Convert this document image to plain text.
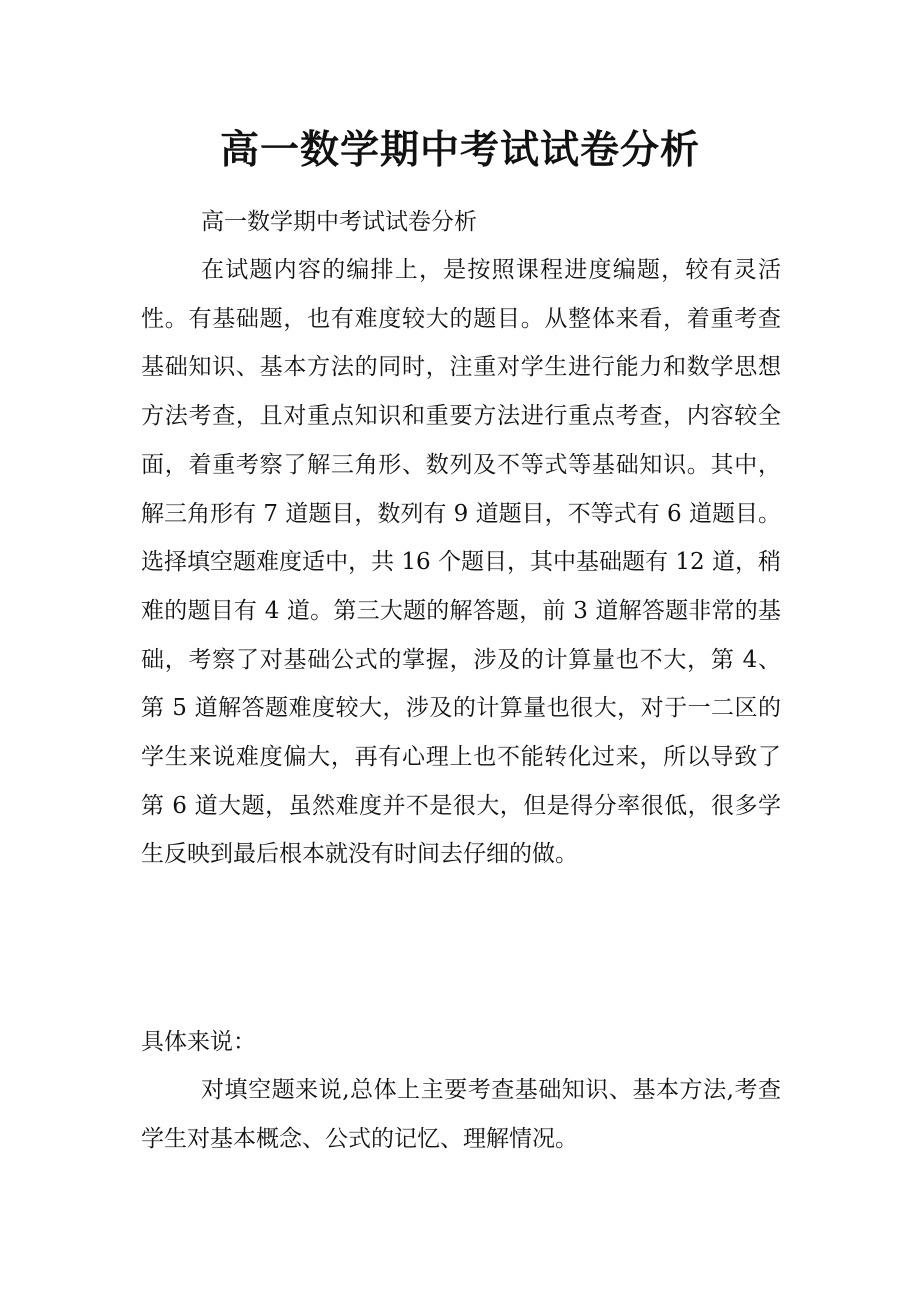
高一数学期中考试试卷分析

高一数学期中考试试卷分析

在试题内容的编排上，是按照课程进度编题，较有灵活性。有基础题，也有难度较大的题目。从整体来看，着重考查基础知识、基本方法的同时，注重对学生进行能力和数学思想方法考查，且对重点知识和重要方法进行重点考查，内容较全面，着重考察了解三角形、数列及不等式等基础知识。其中，解三角形有 7 道题目，数列有 9 道题目，不等式有 6 道题目。选择填空题难度适中，共 16 个题目，其中基础题有 12 道，稍难的题目有 4 道。第三大题的解答题，前 3 道解答题非常的基础，考察了对基础公式的掌握，涉及的计算量也不大，第 4、第 5 道解答题难度较大，涉及的计算量也很大，对于一二区的学生来说难度偏大，再有心理上也不能转化过来，所以导致了第 6 道大题，虽然难度并不是很大，但是得分率很低，很多学生反映到最后根本就没有时间去仔细的做。

具体来说：

对填空题来说,总体上主要考查基础知识、基本方法,考查学生对基本概念、公式的记忆、理解情况。
